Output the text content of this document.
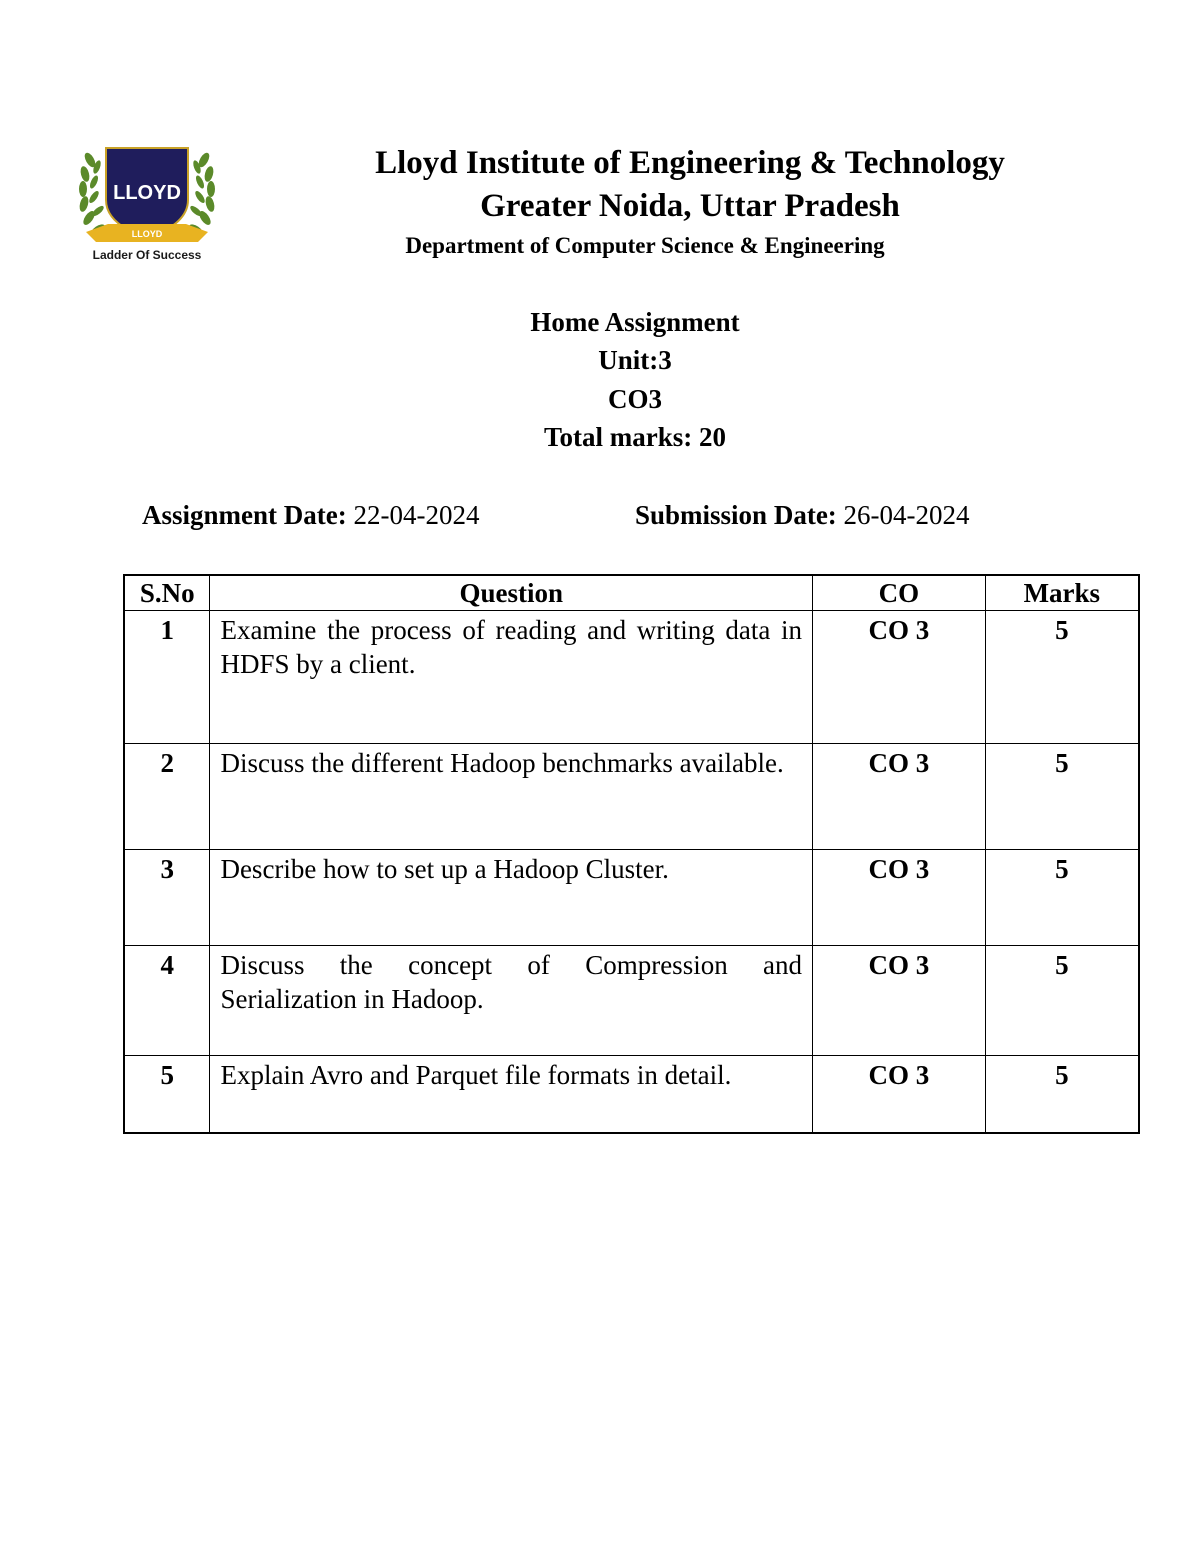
LLOYD
LLOYD
Ladder Of Success
Lloyd Institute of Engineering & Technology
Greater Noida, Uttar Pradesh
Department of Computer Science & Engineering
Home Assignment
Unit:3
CO3
Total marks: 20
Assignment Date: 22-04-2024	Submission Date: 26-04-2024
S.No	Question	CO	Marks
1	Examine the process of reading and writing data in HDFS by a client.	CO 3	5
2	Discuss the different Hadoop benchmarks available.	CO 3	5
3	Describe how to set up a Hadoop Cluster.	CO 3	5
4	Discuss the concept of Compression and Serialization in Hadoop.	CO 3	5
5	Explain Avro and Parquet file formats in detail.	CO 3	5
